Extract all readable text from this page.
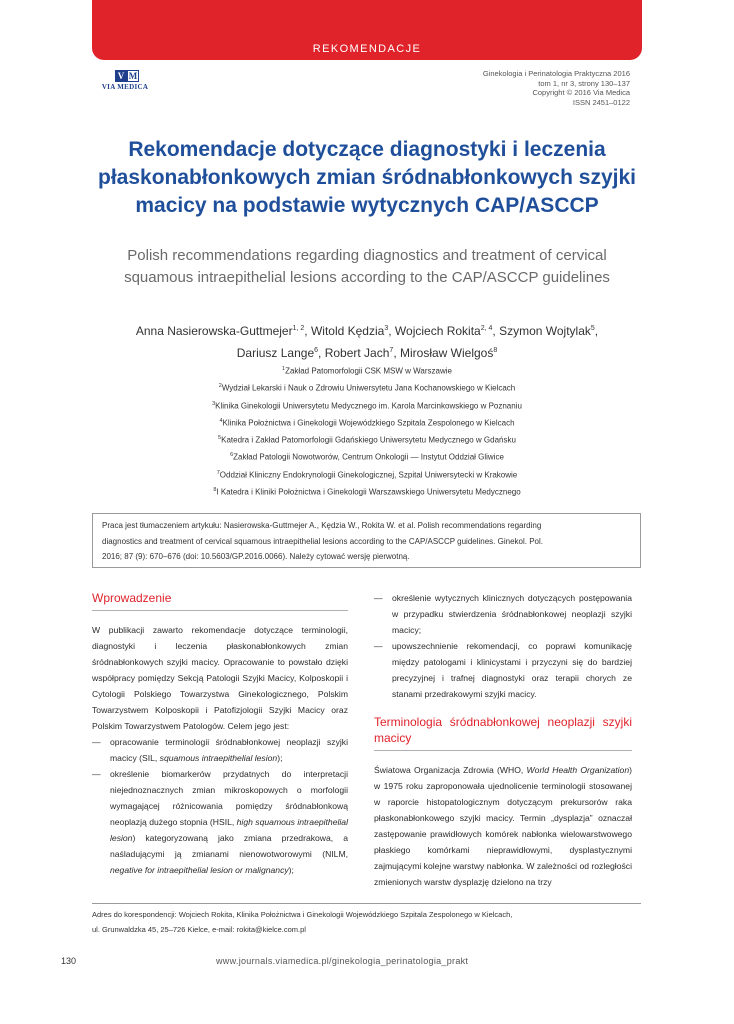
REKOMENDACJE
V M
VIA MEDICA
Ginekologia i Perinatologia Praktyczna 2016
tom 1, nr 3, strony 130–137
Copyright © 2016 Via Medica
ISSN 2451–0122
Rekomendacje dotyczące diagnostyki i leczenia
płaskonabłonkowych zmian śródnabłonkowych szyjki
macicy na podstawie wytycznych CAP/ASCCP
Polish recommendations regarding diagnostics and treatment of cervical
squamous intraepithelial lesions according to the CAP/ASCCP guidelines
Anna Nasierowska-Guttmejer$^{1, 2}$, Witold Kędzia$^3$, Wojciech Rokita$^{2, 4}$, Szymon Wojtylak$^5$,
Dariusz Lange$^6$, Robert Jach$^7$, Mirosław Wielgoś$^8$
$^1$Zakład Patomorfologii CSK MSW w Warszawie
$^2$Wydział Lekarski i Nauk o Zdrowiu Uniwersytetu Jana Kochanowskiego w Kielcach
$^3$Klinika Ginekologii Uniwersytetu Medycznego im. Karola Marcinkowskiego w Poznaniu
$^4$Klinika Położnictwa i Ginekologii Wojewódzkiego Szpitala Zespolonego w Kielcach
$^5$Katedra i Zakład Patomorfologii Gdańskiego Uniwersytetu Medycznego w Gdańsku
$^6$Zakład Patologii Nowotworów, Centrum Onkologii — Instytut Oddział Gliwice
$^7$Oddział Kliniczny Endokrynologii Ginekologicznej, Szpital Uniwersytecki w Krakowie
$^8$I Katedra i Kliniki Położnictwa i Ginekologii Warszawskiego Uniwersytetu Medycznego
Praca jest tłumaczeniem artykułu: Nasierowska-Guttmejer A., Kędzia W., Rokita W. et al. Polish recommendations regarding
diagnostics and treatment of cervical squamous intraepithelial lesions according to the CAP/ASCCP guidelines. Ginekol. Pol.
2016; 87 (9): 670–676 (doi: 10.5603/GP.2016.0066). Należy cytować wersję pierwotną.
Wprowadzenie

W publikacji zawarto rekomendacje dotyczące terminologii, diagnostyki i leczenia płaskonabłonkowych zmian śródnabłonkowych szyjki macicy. Opracowanie to powstało dzięki współpracy pomiędzy Sekcją Patologii Szyjki Macicy, Kolposkopii i Cytologii Polskiego Towarzystwa Ginekologicznego, Polskim Towarzystwem Kolposkopii i Patofizjologii Szyjki Macicy oraz Polskim Towarzystwem Patologów. Celem jego jest:

— opracowanie terminologii śródnabłonkowej neoplazji szyjki macicy (SIL, squamous intraepithelial lesion);
— określenie biomarkerów przydatnych do interpretacji niejednoznacznych zmian mikroskopowych o morfologii wymagającej różnicowania pomiędzy śródnabłonkową neoplazją dużego stopnia (HSIL, high squamous intraepithelial lesion) kategoryzowaną jako zmiana przedrakowa, a naśladującymi ją zmianami nienowotworowymi (NILM, negative for intraepithelial lesion or malignancy);
— określenie wytycznych klinicznych dotyczących postępowania w przypadku stwierdzenia śródnabłonkowej neoplazji szyjki macicy;
— upowszechnienie rekomendacji, co poprawi komunikację między patologami i klinicystami i przyczyni się do bardziej precyzyjnej i trafnej diagnostyki oraz terapii chorych ze stanami przedrakowymi szyjki macicy.
Terminologia śródnabłonkowej neoplazji szyjki macicy

Światowa Organizacja Zdrowia (WHO, World Health Organization) w 1975 roku zaproponowała ujednolicenie terminologii stosowanej w raporcie histopatologicznym dotyczącym prekursorów raka płaskonabłonkowego szyjki macicy. Termin „dysplazja” oznaczał zastępowanie prawidłowych komórek nabłonka wielowarstwowego płaskiego komórkami nieprawidłowymi, dysplastycznymi zajmującymi kolejne warstwy nabłonka. W zależności od rozległości zmienionych warstw dysplazję dzielono na trzy

Adres do korespondencji: Wojciech Rokita, Klinika Położnictwa i Ginekologii Wojewódzkiego Szpitala Zespolonego w Kielcach,
ul. Grunwaldzka 45, 25–726 Kielce, e-mail: rokita@kielce.com.pl
130	www.journals.viamedica.pl/ginekologia_perinatologia_prakt
